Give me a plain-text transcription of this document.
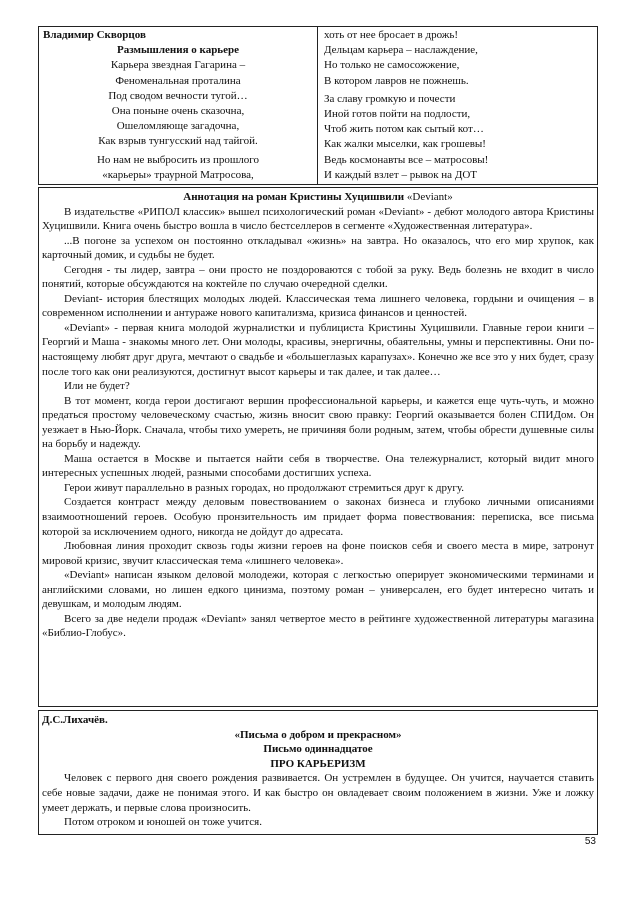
Владимир Скворцов
Размышления о карьере
Карьера звездная Гагарина –
Феноменальная проталина
Под сводом вечности тугой…
Она поныне очень сказочна,
Ошеломляюще загадочна,
Как взрыв тунгусский над тайгой.
Но нам не выбросить из прошлого
«карьеры» траурной Матросова,
хоть от нее бросает в дрожь!
Дельцам карьера – наслаждение,
Но только не самосожжение,
В котором лавров не пожнешь.
За славу громкую и почести
Иной готов пойти на подлости,
Чтоб жить потом как сытый кот…
Как жалки мыселки, как грошевы!
Ведь космонавты все – матросовы!
И каждый взлет – рывок на ДОТ

Аннотация на роман Кристины Хуцишвили «Deviant»

В издательстве «РИПОЛ классик» вышел психологический роман «Deviant» - дебют молодого автора Кристины Хуцишвили. Книга очень быстро вошла в число бестселлеров в сегменте «Художественная литература».

...В погоне за успехом он постоянно откладывал «жизнь» на завтра. Но оказалось, что его мир хрупок, как карточный домик, и судьбы не будет.

Сегодня - ты лидер, завтра – они просто не поздороваются с тобой за руку. Ведь болезнь не входит в число понятий, которые обсуждаются на коктейле по случаю очередной сделки.

Deviant- история блестящих молодых людей. Классическая тема лишнего человека, гордыни и очищения – в современном исполнении и антураже нового капитализма, кризиса финансов и ценностей.

«Deviant» - первая книга молодой журналистки и публициста Кристины Хуцишвили. Главные герои книги – Георгий и Маша - знакомы много лет. Они молоды, красивы, энергичны, обаятельны, умны и перспективны. Они по-настоящему любят друг друга, мечтают о свадьбе и «большеглазых карапузах». Конечно же все это у них будет, сразу после того как они реализуются, достигнут высот карьеры и так далее, и так далее…

Или не будет?

В тот момент, когда герои достигают вершин профессиональной карьеры, и кажется еще чуть-чуть, и можно предаться простому человеческому счастью, жизнь вносит свою правку: Георгий оказывается болен СПИДом. Он уезжает в Нью-Йорк. Сначала, чтобы тихо умереть, не причиняя боли родным, затем, чтобы обрести душевные силы на борьбу и надежду.

Маша остается в Москве и пытается найти себя в творчестве. Она тележурналист, который видит много интересных успешных людей, разными способами достигших успеха.

Герои живут параллельно в разных городах, но продолжают стремиться друг к другу.

Создается контраст между деловым повествованием о законах бизнеса и глубоко личными описаниями взаимоотношений героев. Особую пронзительность им придает форма повествования: переписка, все письма которой за исключением одного, никогда не дойдут до адресата.

Любовная линия проходит сквозь годы жизни героев на фоне поисков себя и своего места в мире, затронут мировой кризис, звучит классическая тема «лишнего человека».

«Deviant» написан языком деловой молодежи, которая с легкостью оперирует экономическими терминами и английскими словами, но лишен едкого цинизма, поэтому роман – универсален, его будет интересно читать и девушкам, и молодым людям.

Всего за две недели продаж «Deviant» занял четвертое место в рейтинге художественной литературы магазина «Библио-Глобус».

Д.С.Лихачёв.

«Письма о добром и прекрасном»

Письмо одиннадцатое

ПРО КАРЬЕРИЗМ

Человек с первого дня своего рождения развивается. Он устремлен в будущее. Он учится, научается ставить себе новые задачи, даже не понимая этого. И как быстро он овладевает своим положением в жизни. Уже и ложку умеет держать, и первые слова произносить.

Потом отроком и юношей он тоже учится.

53
